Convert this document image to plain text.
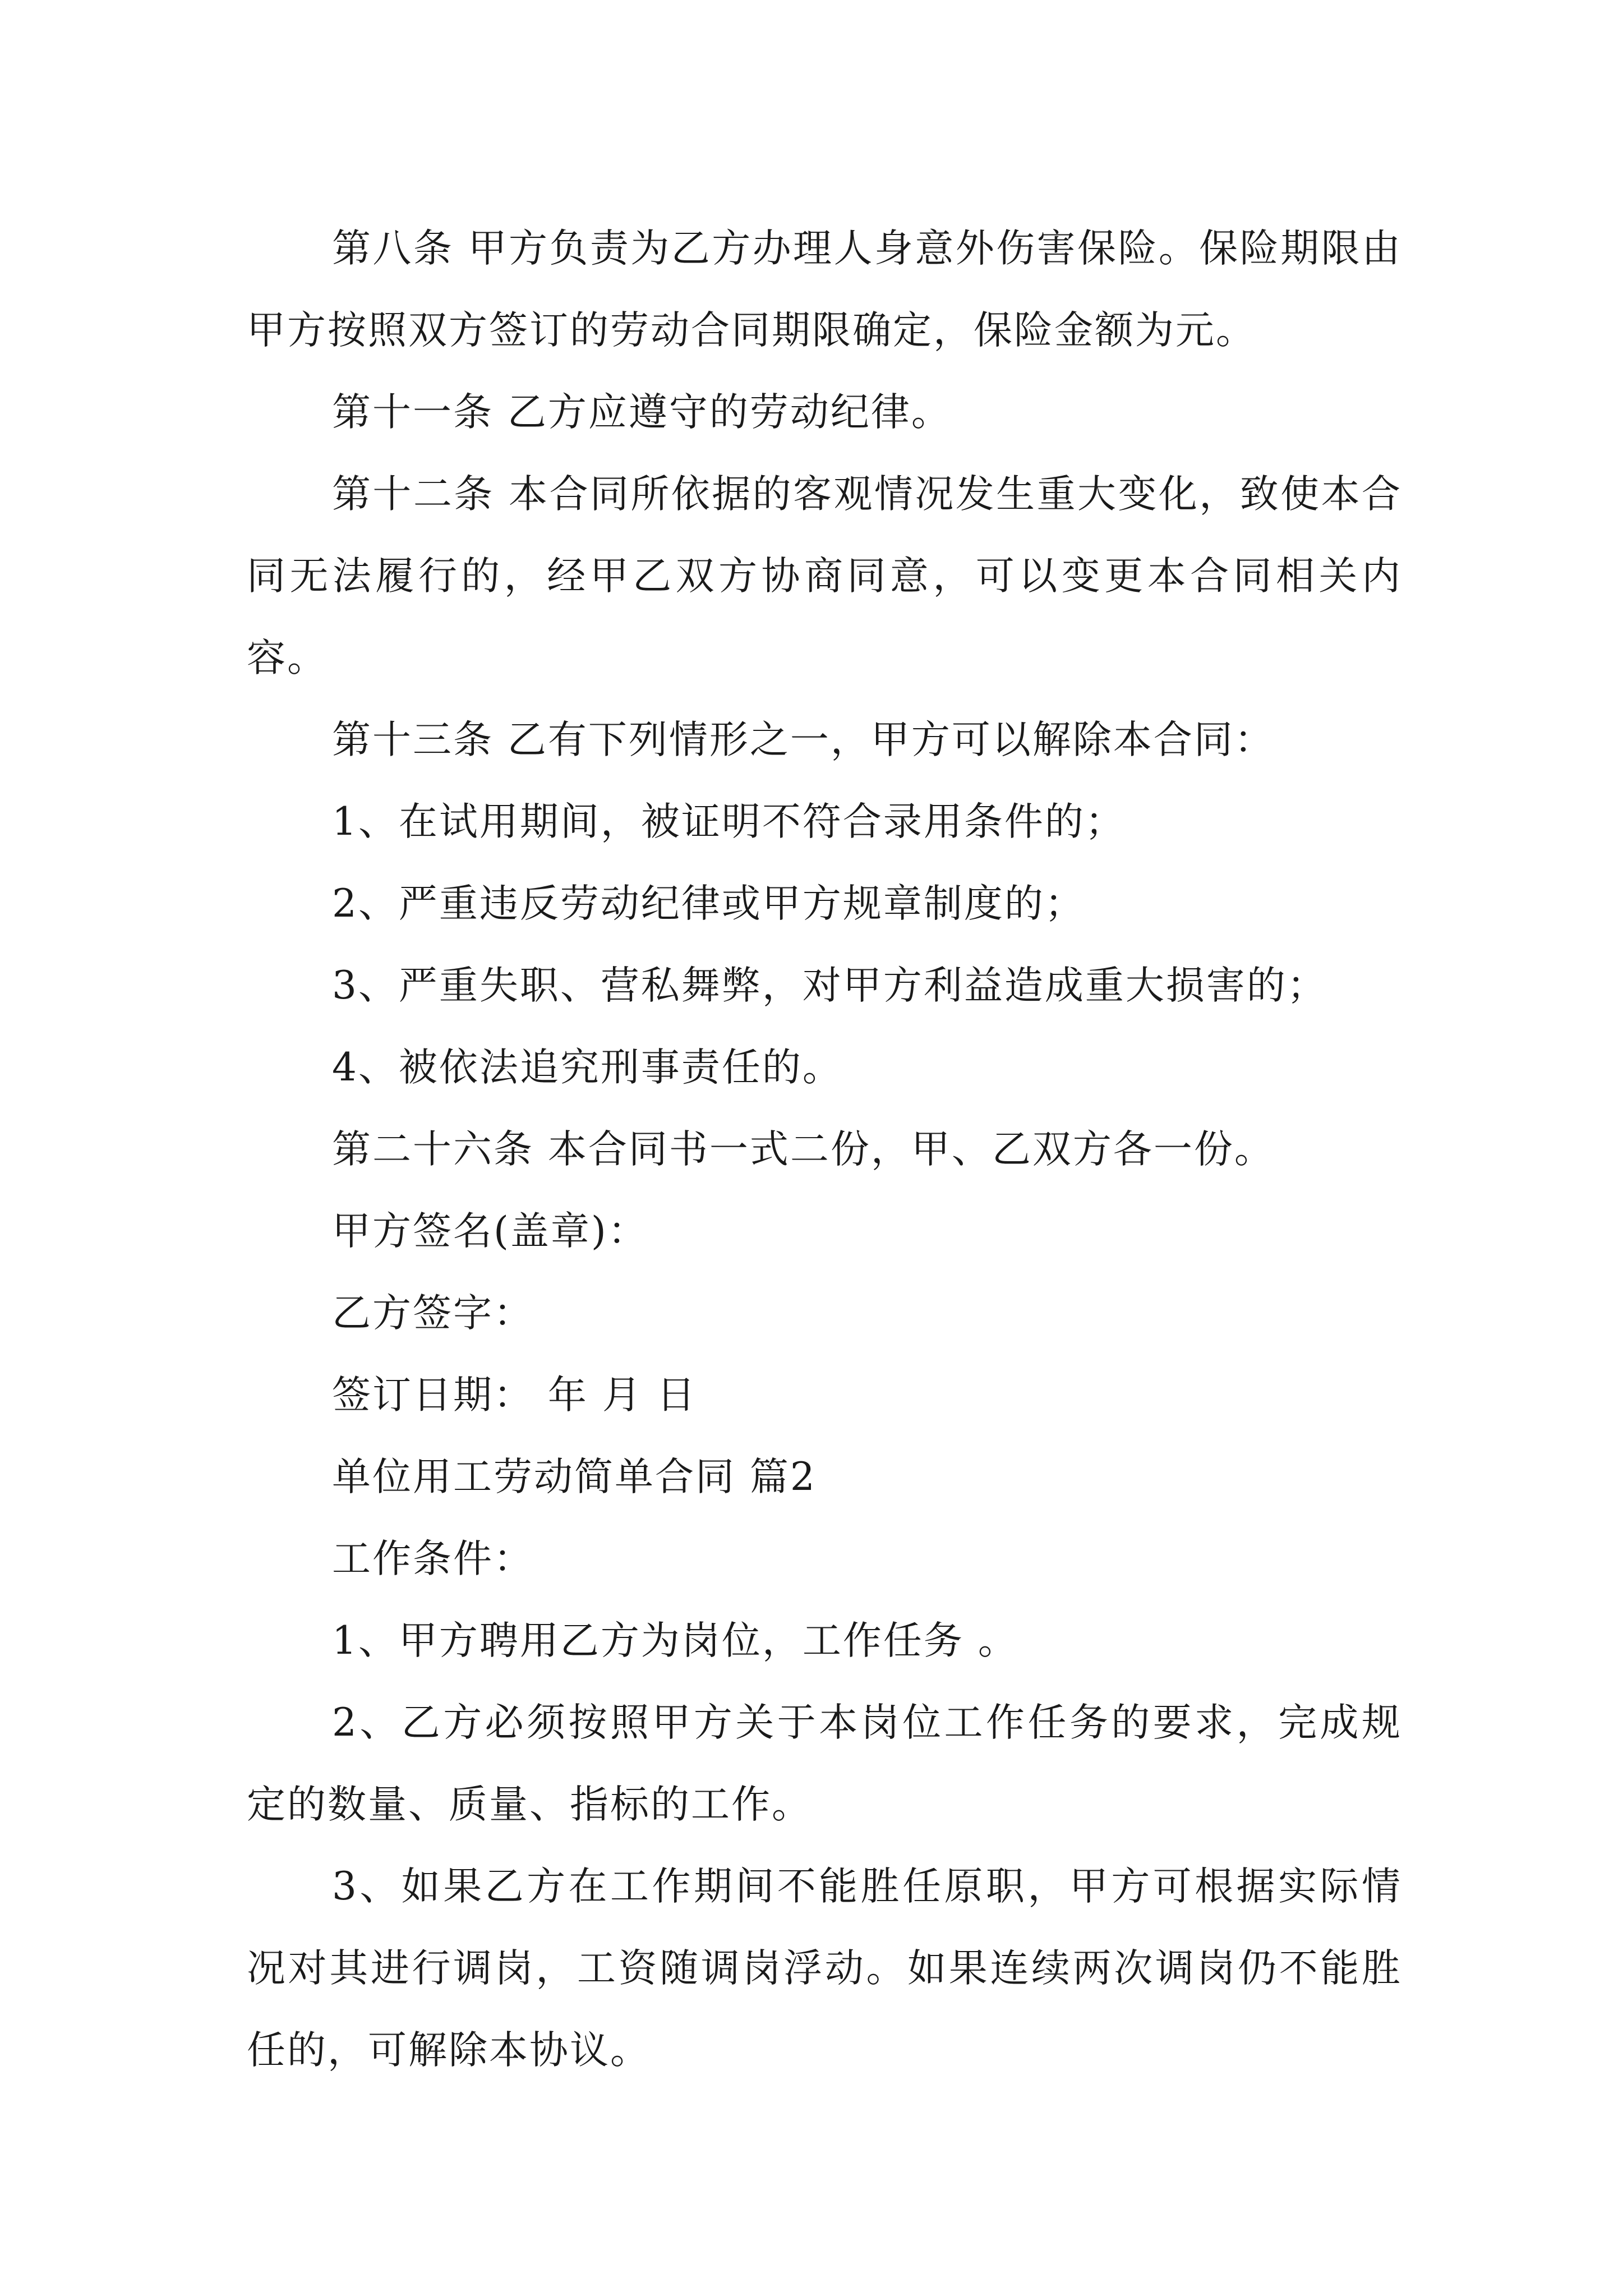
第八条 甲方负责为乙方办理人身意外伤害保险。保险期限由甲方按照双方签订的劳动合同期限确定，保险金额为元。

第十一条 乙方应遵守的劳动纪律。

第十二条 本合同所依据的客观情况发生重大变化，致使本合同无法履行的，经甲乙双方协商同意，可以变更本合同相关内容。

第十三条 乙有下列情形之一，甲方可以解除本合同：

1、在试用期间，被证明不符合录用条件的；

2、严重违反劳动纪律或甲方规章制度的；

3、严重失职、营私舞弊，对甲方利益造成重大损害的；

4、被依法追究刑事责任的。

第二十六条 本合同书一式二份，甲、乙双方各一份。

甲方签名(盖章)：

乙方签字：

签订日期： 年 月 日

单位用工劳动简单合同 篇2

工作条件：

1、甲方聘用乙方为岗位，工作任务 。

2、乙方必须按照甲方关于本岗位工作任务的要求，完成规定的数量、质量、指标的工作。

3、如果乙方在工作期间不能胜任原职，甲方可根据实际情况对其进行调岗，工资随调岗浮动。如果连续两次调岗仍不能胜任的，可解除本协议。
